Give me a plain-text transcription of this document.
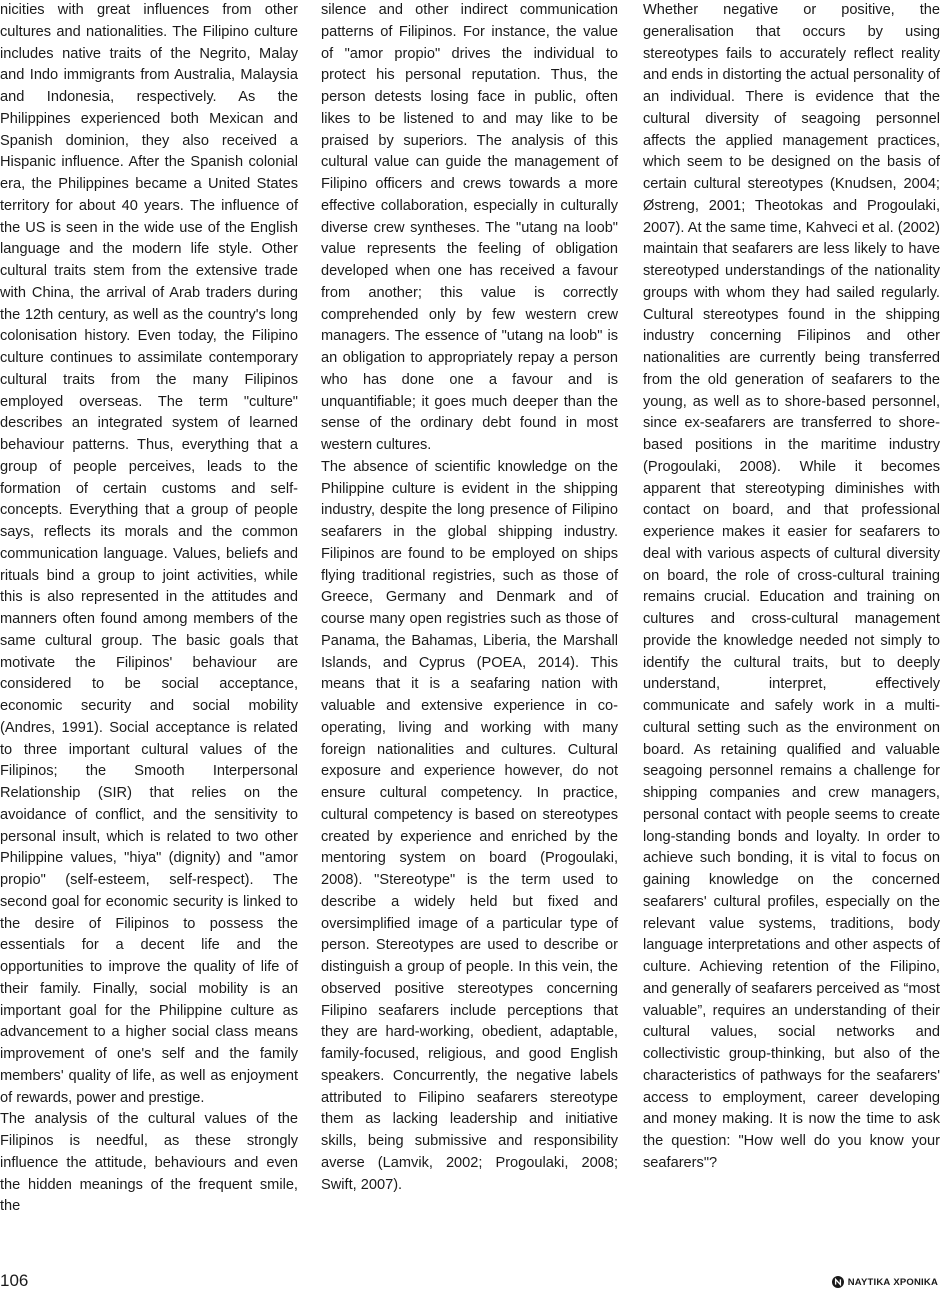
nicities with great influences from other cultures and nationalities. The Filipino culture includes native traits of the Negrito, Malay and Indo immigrants from Australia, Malaysia and Indonesia, respectively. As the Philippines experienced both Mexican and Spanish dominion, they also received a Hispanic influence. After the Spanish colonial era, the Philippines became a United States territory for about 40 years. The influence of the US is seen in the wide use of the English language and the modern life style. Other cultural traits stem from the extensive trade with China, the arrival of Arab traders during the 12th century, as well as the country's long colonisation history. Even today, the Filipino culture continues to assimilate contemporary cultural traits from the many Filipinos employed overseas. The term "culture" describes an integrated system of learned behaviour patterns. Thus, everything that a group of people perceives, leads to the formation of certain customs and self-concepts. Everything that a group of people says, reflects its morals and the common communication language. Values, beliefs and rituals bind a group to joint activities, while this is also represented in the attitudes and manners often found among members of the same cultural group. The basic goals that motivate the Filipinos' behaviour are considered to be social acceptance, economic security and social mobility (Andres, 1991). Social acceptance is related to three important cultural values of the Filipinos; the Smooth Interpersonal Relationship (SIR) that relies on the avoidance of conflict, and the sensitivity to personal insult, which is related to two other Philippine values, "hiya" (dignity) and "amor propio" (self-esteem, self-respect). The second goal for economic security is linked to the desire of Filipinos to possess the essentials for a decent life and the opportunities to improve the quality of life of their family. Finally, social mobility is an important goal for the Philippine culture as advancement to a higher social class means improvement of one's self and the family members' quality of life, as well as enjoyment of rewards, power and prestige.

The analysis of the cultural values of the Filipinos is needful, as these strongly influence the attitude, behaviours and even the hidden meanings of the frequent smile, the

silence and other indirect communication patterns of Filipinos. For instance, the value of "amor propio" drives the individual to protect his personal reputation. Thus, the person detests losing face in public, often likes to be listened to and may like to be praised by superiors. The analysis of this cultural value can guide the management of Filipino officers and crews towards a more effective collaboration, especially in culturally diverse crew syntheses. The "utang na loob" value represents the feeling of obligation developed when one has received a favour from another; this value is correctly comprehended only by few western crew managers. The essence of "utang na loob" is an obligation to appropriately repay a person who has done one a favour and is unquantifiable; it goes much deeper than the sense of the ordinary debt found in most western cultures.

The absence of scientific knowledge on the Philippine culture is evident in the shipping industry, despite the long presence of Filipino seafarers in the global shipping industry. Filipinos are found to be employed on ships flying traditional registries, such as those of Greece, Germany and Denmark and of course many open registries such as those of Panama, the Bahamas, Liberia, the Marshall Islands, and Cyprus (POEA, 2014). This means that it is a seafaring nation with valuable and extensive experience in co-operating, living and working with many foreign nationalities and cultures. Cultural exposure and experience however, do not ensure cultural competency. In practice, cultural competency is based on stereotypes created by experience and enriched by the mentoring system on board (Progoulaki, 2008). "Stereotype" is the term used to describe a widely held but fixed and oversimplified image of a particular type of person. Stereotypes are used to describe or distinguish a group of people. In this vein, the observed positive stereotypes concerning Filipino seafarers include perceptions that they are hard-working, obedient, adaptable, family-focused, religious, and good English speakers. Concurrently, the negative labels attributed to Filipino seafarers stereotype them as lacking leadership and initiative skills, being submissive and responsibility averse (Lamvik, 2002; Progoulaki, 2008; Swift, 2007).

Whether negative or positive, the generalisation that occurs by using stereotypes fails to accurately reflect reality and ends in distorting the actual personality of an individual. There is evidence that the cultural diversity of seagoing personnel affects the applied management practices, which seem to be designed on the basis of certain cultural stereotypes (Knudsen, 2004; Østreng, 2001; Theotokas and Progoulaki, 2007). At the same time, Kahveci et al. (2002) maintain that seafarers are less likely to have stereotyped understandings of the nationality groups with whom they had sailed regularly. Cultural stereotypes found in the shipping industry concerning Filipinos and other nationalities are currently being transferred from the old generation of seafarers to the young, as well as to shore-based personnel, since ex-seafarers are transferred to shore-based positions in the maritime industry (Progoulaki, 2008). While it becomes apparent that stereotyping diminishes with contact on board, and that professional experience makes it easier for seafarers to deal with various aspects of cultural diversity on board, the role of cross-cultural training remains crucial. Education and training on cultures and cross-cultural management provide the knowledge needed not simply to identify the cultural traits, but to deeply understand, interpret, effectively communicate and safely work in a multi-cultural setting such as the environment on board. As retaining qualified and valuable seagoing personnel remains a challenge for shipping companies and crew managers, personal contact with people seems to create long-standing bonds and loyalty. In order to achieve such bonding, it is vital to focus on gaining knowledge on the concerned seafarers' cultural profiles, especially on the relevant value systems, traditions, body language interpretations and other aspects of culture. Achieving retention of the Filipino, and generally of seafarers perceived as “most valuable”, requires an understanding of their cultural values, social networks and collectivistic group-thinking, but also of the characteristics of pathways for the seafarers' access to employment, career developing and money making. It is now the time to ask the question: "How well do you know your seafarers"?

106	ΝΑΥΤΙΚΑ ΧΡΟΝΙΚΑ
